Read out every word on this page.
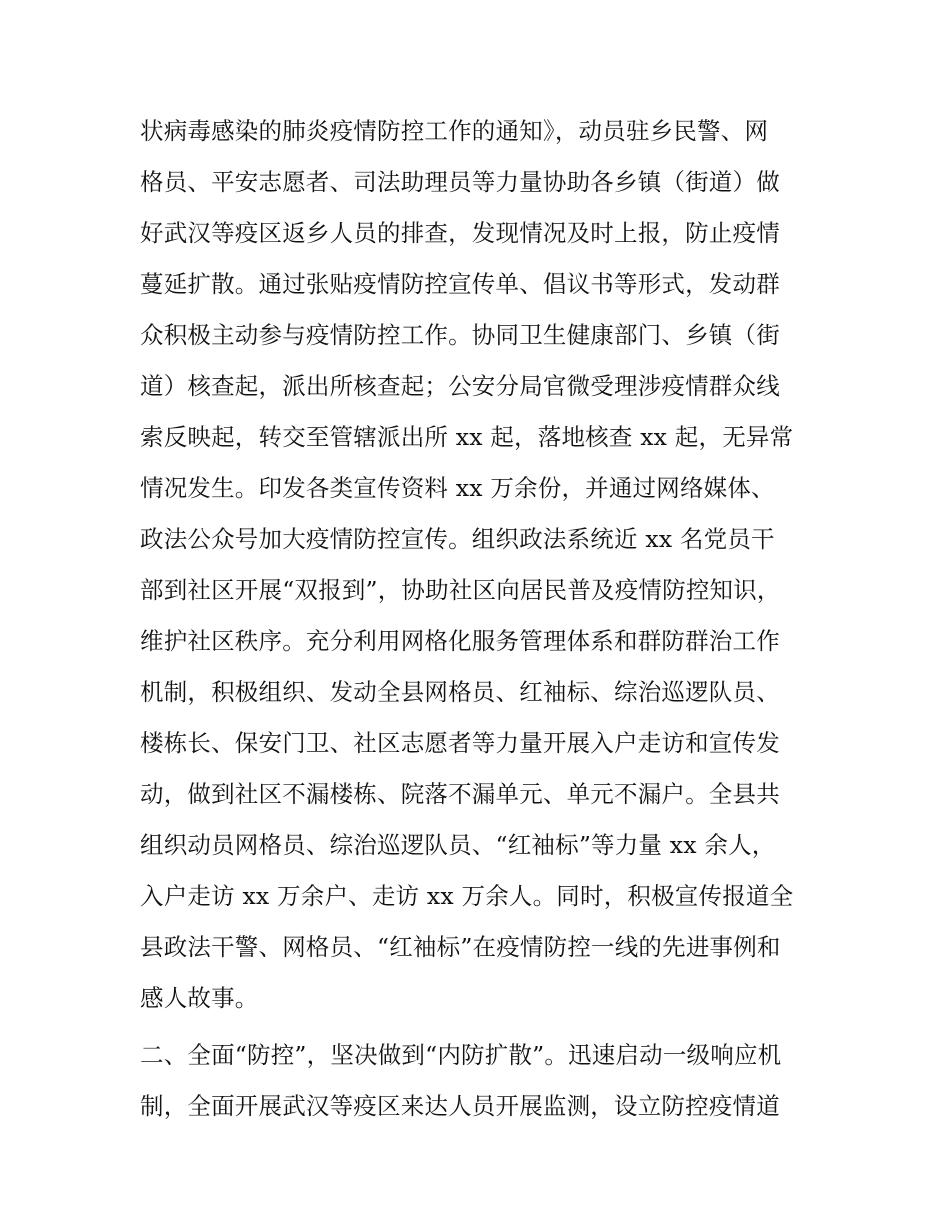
状病毒感染的肺炎疫情防控工作的通知》，动员驻乡民警、网
格员、平安志愿者、司法助理员等力量协助各乡镇（街道）做
好武汉等疫区返乡人员的排查，发现情况及时上报，防止疫情
蔓延扩散。通过张贴疫情防控宣传单、倡议书等形式，发动群
众积极主动参与疫情防控工作。协同卫生健康部门、乡镇（街
道）核查起，派出所核查起；公安分局官微受理涉疫情群众线
索反映起，转交至管辖派出所 xx 起，落地核查 xx 起，无异常
情况发生。印发各类宣传资料 xx 万余份，并通过网络媒体、
政法公众号加大疫情防控宣传。组织政法系统近 xx 名党员干
部到社区开展“双报到”，协助社区向居民普及疫情防控知识，
维护社区秩序。充分利用网格化服务管理体系和群防群治工作
机制，积极组织、发动全县网格员、红袖标、综治巡逻队员、
楼栋长、保安门卫、社区志愿者等力量开展入户走访和宣传发
动，做到社区不漏楼栋、院落不漏单元、单元不漏户。全县共
组织动员网格员、综治巡逻队员、“红袖标”等力量 xx 余人，
入户走访 xx 万余户、走访 xx 万余人。同时，积极宣传报道全
县政法干警、网格员、“红袖标”在疫情防控一线的先进事例和
感人故事。
二、全面“防控”，坚决做到“内防扩散”。迅速启动一级响应机
制，全面开展武汉等疫区来达人员开展监测，设立防控疫情道
